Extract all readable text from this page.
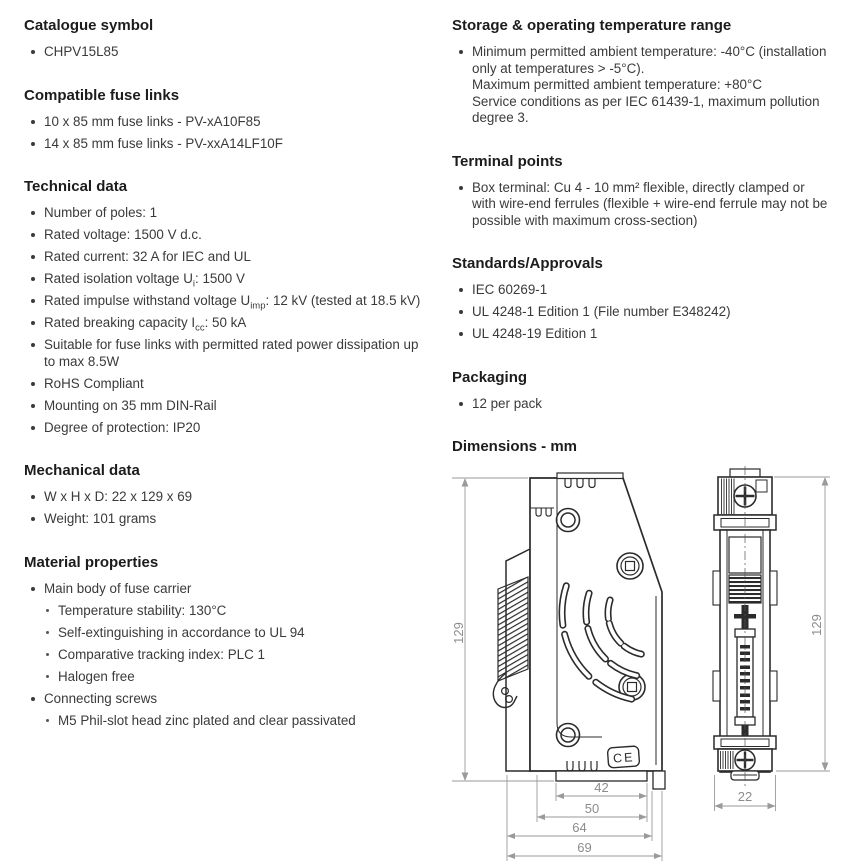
Catalogue symbol
CHPV15L85
Compatible fuse links
10 x 85 mm fuse links - PV-xA10F85
14 x 85 mm fuse links - PV-xxA14LF10F
Technical data
Number of poles: 1
Rated voltage: 1500 V d.c.
Rated current: 32 A for IEC and UL
Rated isolation voltage $U_i$: 1500 V
Rated impulse withstand voltage $U_{imp}$: 12 kV (tested at 18.5 kV)
Rated breaking capacity $I_{cc}$: 50 kA
Suitable for fuse links with permitted rated power dissipation up
to max 8.5W
RoHS Compliant
Mounting on 35 mm DIN-Rail
Degree of protection: IP20
Mechanical data
W x H x D: 22 x 129 x 69
Weight: 101 grams
Material properties
Main body of fuse carrier
Temperature stability: 130°C
Self-extinguishing in accordance to UL 94
Comparative tracking index: PLC 1
Halogen free
Connecting screws
M5 Phil-slot head zinc plated and clear passivated
Storage & operating temperature range
Minimum permitted ambient temperature: -40°C (installation
only at temperatures > -5°C).
Maximum permitted ambient temperature: +80°C
Service conditions as per IEC 61439-1, maximum pollution
degree 3.
Terminal points
Box terminal: Cu 4 - 10 mm² flexible, directly clamped or
with wire-end ferrules (flexible + wire-end ferrule may not be
possible with maximum cross-section)
Standards/Approvals
IEC 60269-1
UL 4248-1 Edition 1 (File number E348242)
UL 4248-19 Edition 1
Packaging
12 per pack
Dimensions - mm
CE
129
42
50
64
69
129
22
